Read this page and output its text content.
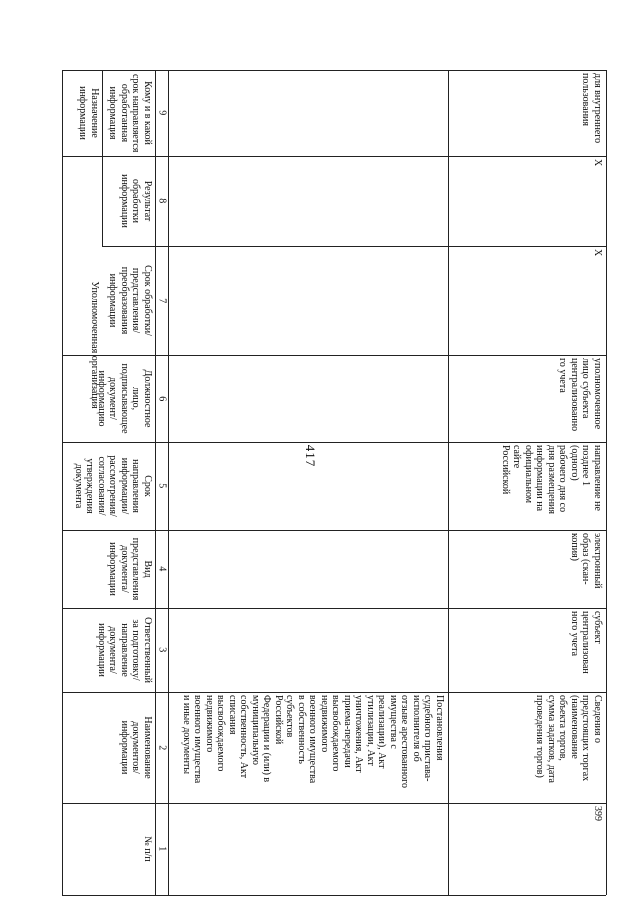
417
№ п/п
Наименование
документов/
информации
Ответственный
за подготовку/
направление
документа/
информации
Вид
представления
документа/
информации
Срок
направления
информации/
рассмотрения/
согласования/
утверждения
документа
Должностное
лицо,
подписывающее
документ/
информацию
Срок обработки/
представления/
преобразования
информации
Результат
обработки
информации
Кому и в какой
срок направляется
обработанная
информация
Уполномоченная организация
Назначение
информации
1
2
3
4
5
6
7
8
9
Постановления
судебного пристава-
исполнителя об
отзыве арестованного
имущества с
реализации), Акт
утилизации, Акт
уничтожения, Акт
приема-передачи
высвобождаемого
недвижимого
военного имущества
в собственность
субъектов
Российской
Федерации и (или) в
муниципальную
собственность, Акт
списания
высвобождаемого
недвижимого
военного имущества
и иные документы
399
Сведения о
предстоящих торгах
(наименование
объекта торгов,
сумма задатков, дата
проведения торгов)
субъект
централизован
ного учета
электронный
образ (скан-
копия)
направление не
позднее 1
(одного)
рабочего дня со
дня размещения
информации на
официальном
сайте
Российской
уполномоченное
лицо субъекта
централизованно
го учета
Х
Х
для внутреннего
пользования
